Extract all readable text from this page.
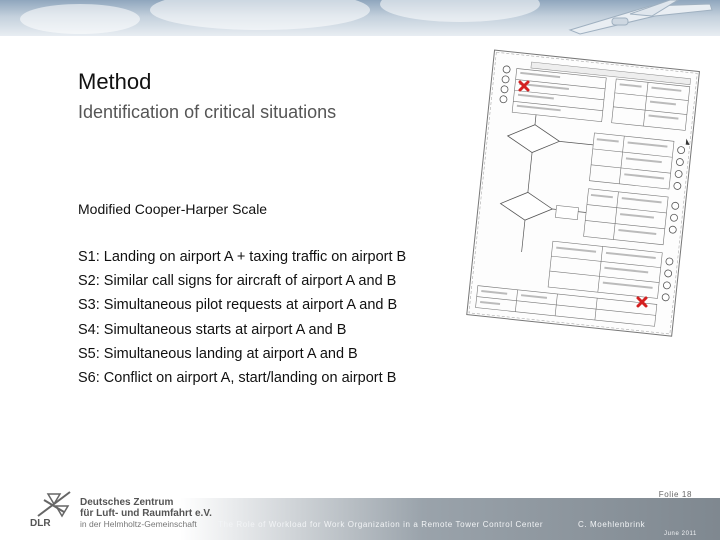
Method
Identification of critical situations
Modified Cooper-Harper Scale
S1: Landing on airport A + taxing traffic on airport B
S2: Similar call signs for aircraft of airport A and B
S3: Simultaneous pilot requests at airport A and B
S4: Simultaneous starts at airport A and B
S5: Simultaneous landing at airport A and B
S6: Conflict on airport A, start/landing on airport B
DLR
Deutsches Zentrum
für Luft- und Raumfahrt e.V.
in der Helmholtz-Gemeinschaft
Folie 18
The Role of Workload for Work Organization in a Remote Tower Control Center	C. Moehlenbrink
June 2011
